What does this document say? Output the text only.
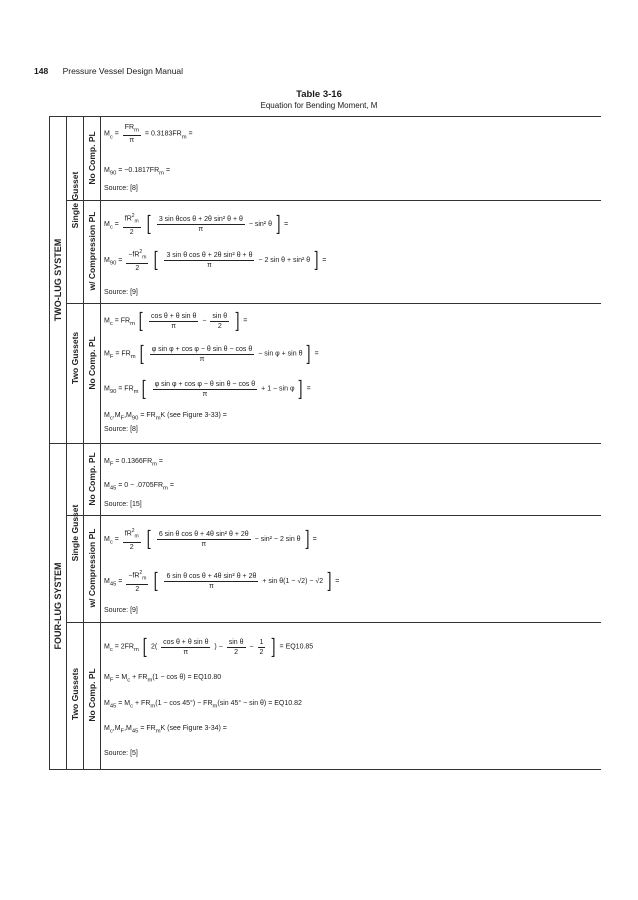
148 Pressure Vessel Design Manual
Table 3-16
Equation for Bending Moment, M
TWO-LUG SYSTEM
FOUR-LUG SYSTEM
Single Gusset
Two Gussets
Single Gusset
Two Gussets
No Comp. PL
w/ Compression PL
No Comp. PL
No Comp. PL
w/ Compression PL
No Comp. PL
$M_c = \frac{FR_m}{\pi} = 0.3183FR_m$ =
$M_{90} = -0.1817FR_m$ =
Source: [8]
$M_c = \frac{fR^2_m}{2}$ [ $\frac{\text{3 sin θcos θ + 2θ sin² θ + θ}}{\pi} - \sin^2$ θ ] =
$M_{90} = \frac{-fR^2_m}{2}$ [ $\frac{\text{3 sin θ cos θ + 2θ sin² θ + θ}}{\pi} - 2$ sin θ + sin² θ ] =
Source: [9]
$M_c = FR_m$ [ $\frac{\text{cos θ + θ sin θ}}{\pi} - \frac{\text{sin θ}}{2}$ ] =
$M_F = FR_m$ [ $\frac{\text{φ sin φ + cos φ − θ sin θ − cos θ}}{\pi} - \sin \varphi + \sin \theta$ ] =
$M_{90} = FR_m$ [ $\frac{\text{φ sin φ + cos φ − θ sin θ − cos θ}}{\pi} + 1 - \sin \varphi$ ] =
$M_c,M_F,M_{90} = FR_mK$ (see Figure 3-33) =
Source: [8]
$M_F = 0.1366FR_m$ =
$M_{45} = 0 - .0705FR_m$ =
Source: [15]
$M_c = \frac{fR^2_m}{2}$ [ $\frac{\text{6 sin θ cos θ + 4θ sin² θ + 2θ}}{\pi} - \sin^2 - 2$ sin θ ] =
$M_{45} = \frac{-fR^2_m}{2}$ [ $\frac{\text{6 sin θ cos θ + 4θ sin² θ + 2θ}}{\pi} + \sin \theta(1 - √2) - √2$ ] =
Source: [9]
$M_c = 2FR_m$ [ $2( \frac{\text{cos θ + θ sin θ}}{\pi}$ ) − $\frac{\text{sin θ}}{2} - \frac{1}{2}$ ] = EQ10.85
$M_F = M_c + FR_m(1 - \cos \theta) = EQ10.80$
$M_{45} = M_c + FR_m(1 - \cos 45^\circ) - FR_m(\sin$ 45° − sin θ) = EQ10.82
$M_c,M_F,M_{45} = FR_mK$ (see Figure 3-34) =
Source: [5]
